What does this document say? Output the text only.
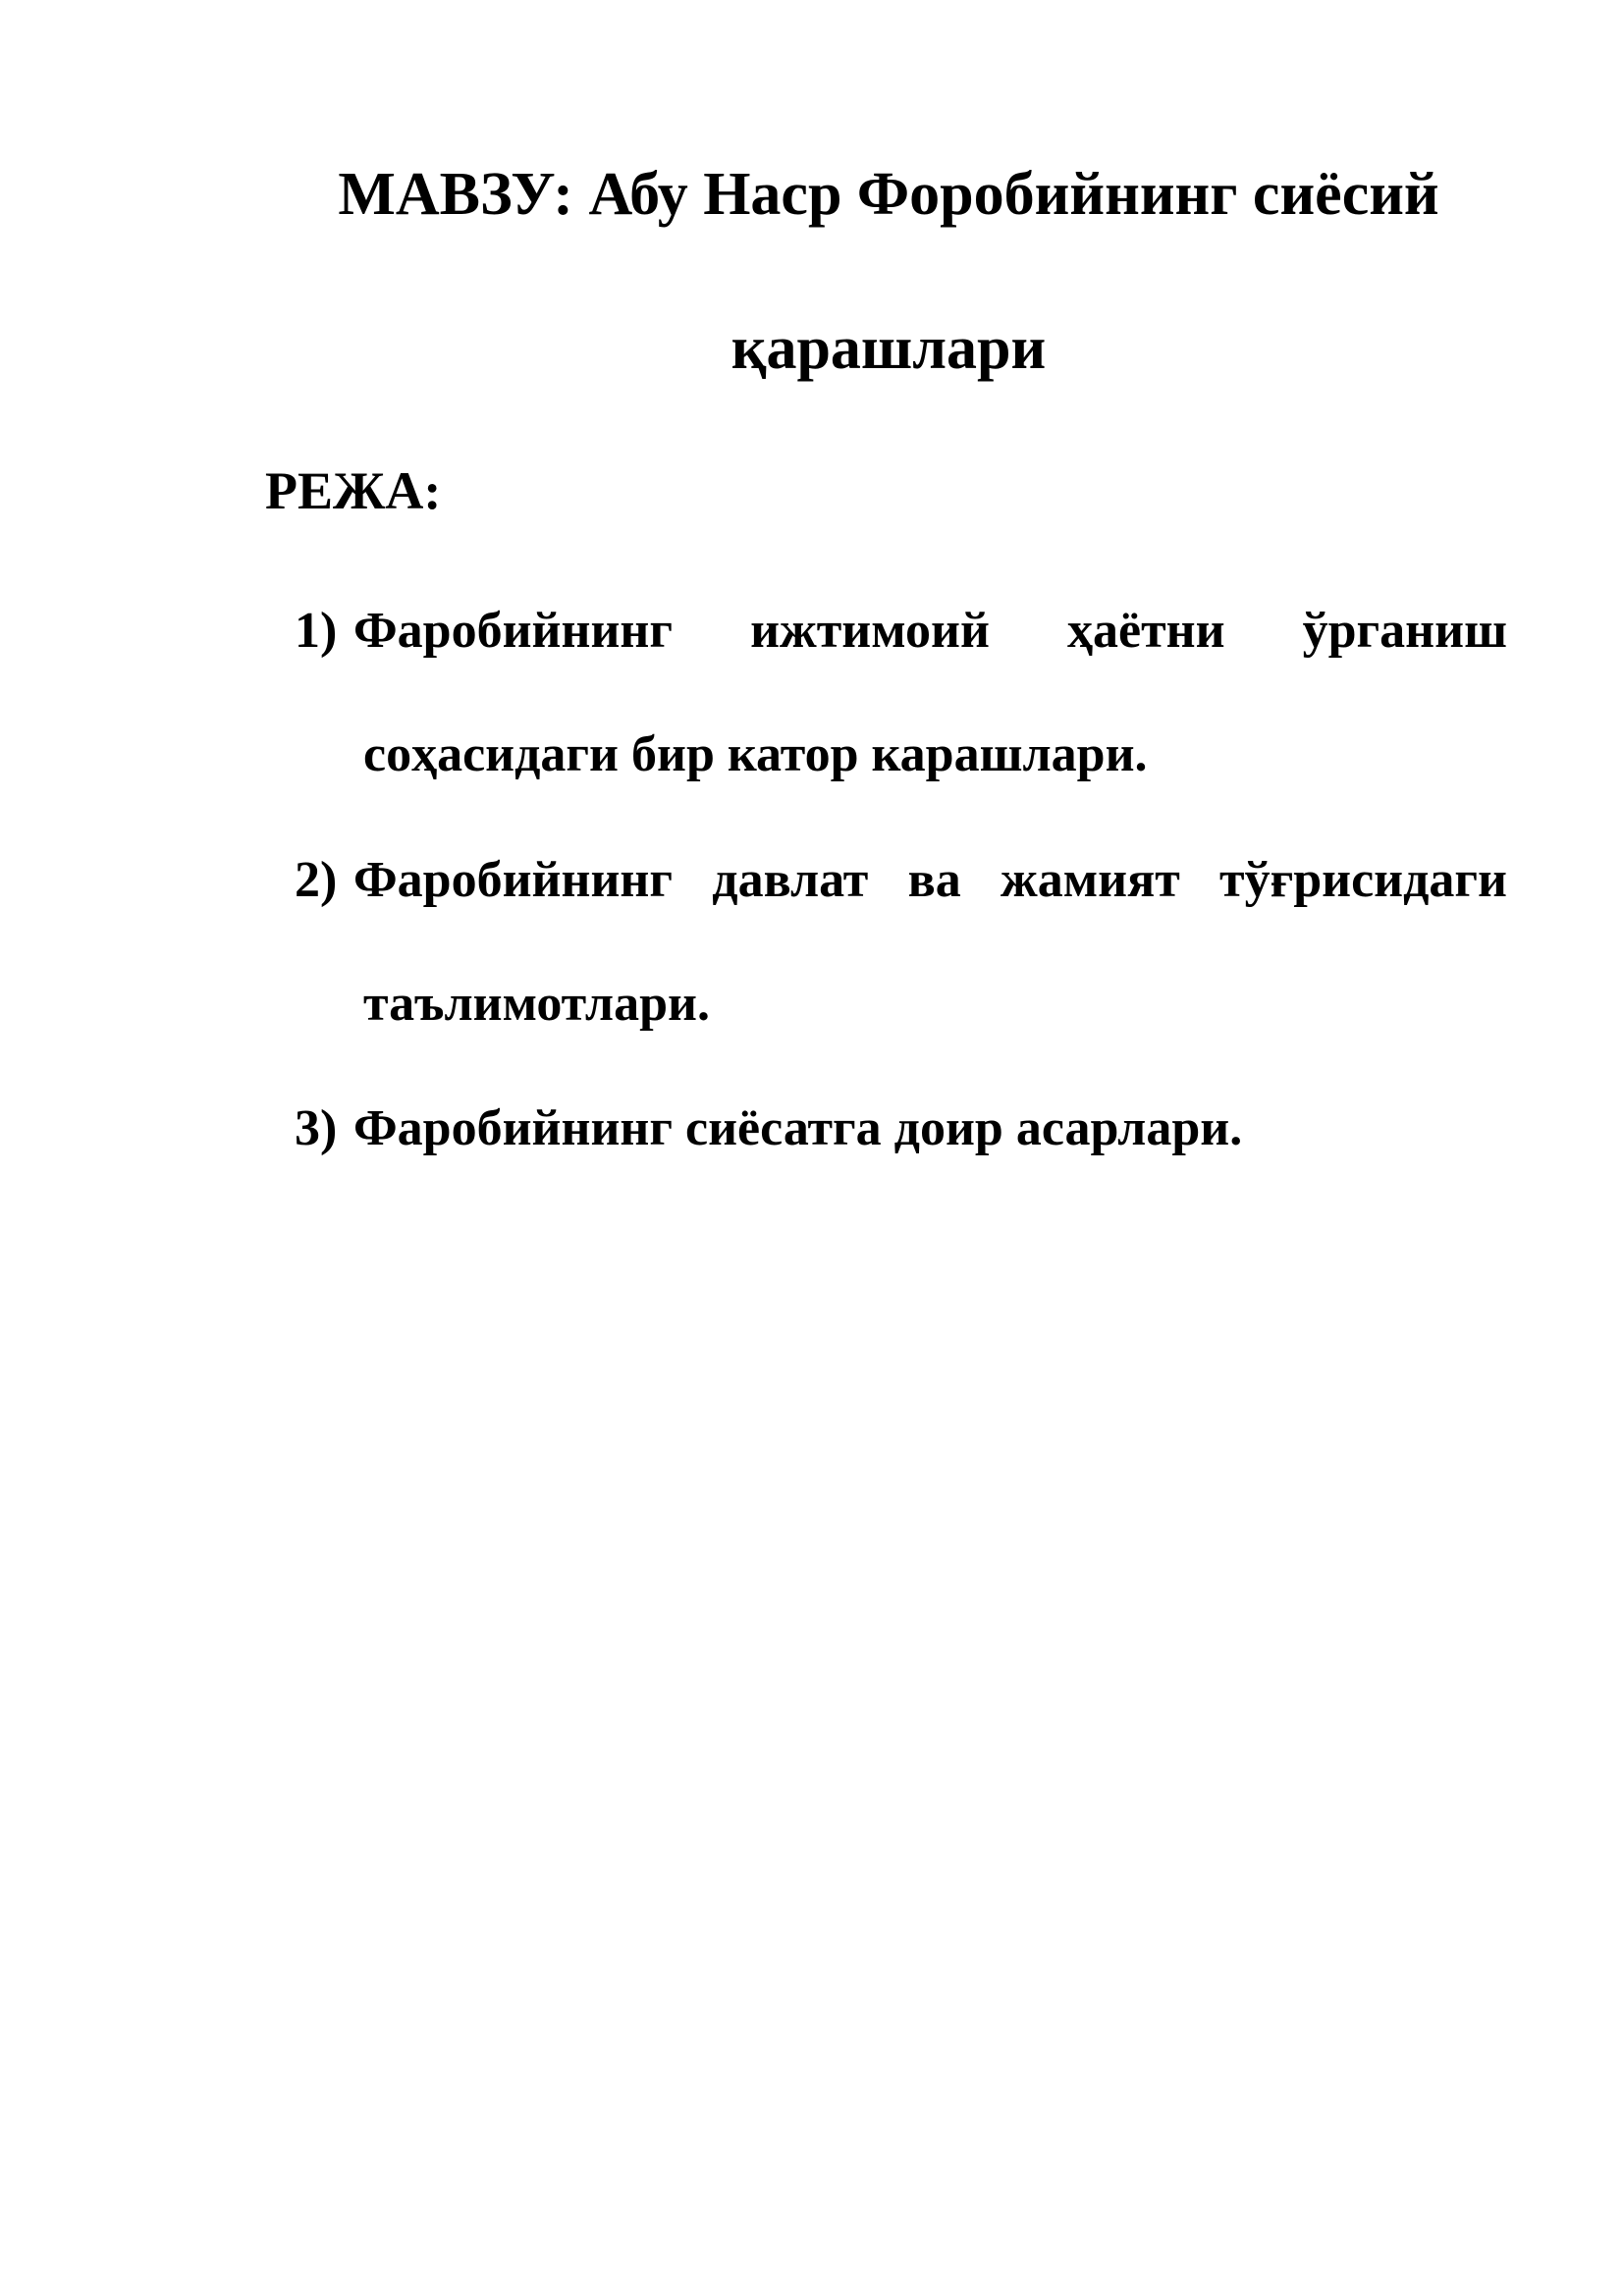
МАВЗУ: Абу Наср Форобийнинг сиёсий
қарашлари
РЕЖА:
1) Фаробийнинг ижтимоий ҳаётни ўрганиш
соҳасидаги бир катор карашлари.
2) Фаробийнинг давлат ва жамият тўғрисидаги
таълимотлари.
3) Фаробийнинг сиёсатга доир асарлари.
